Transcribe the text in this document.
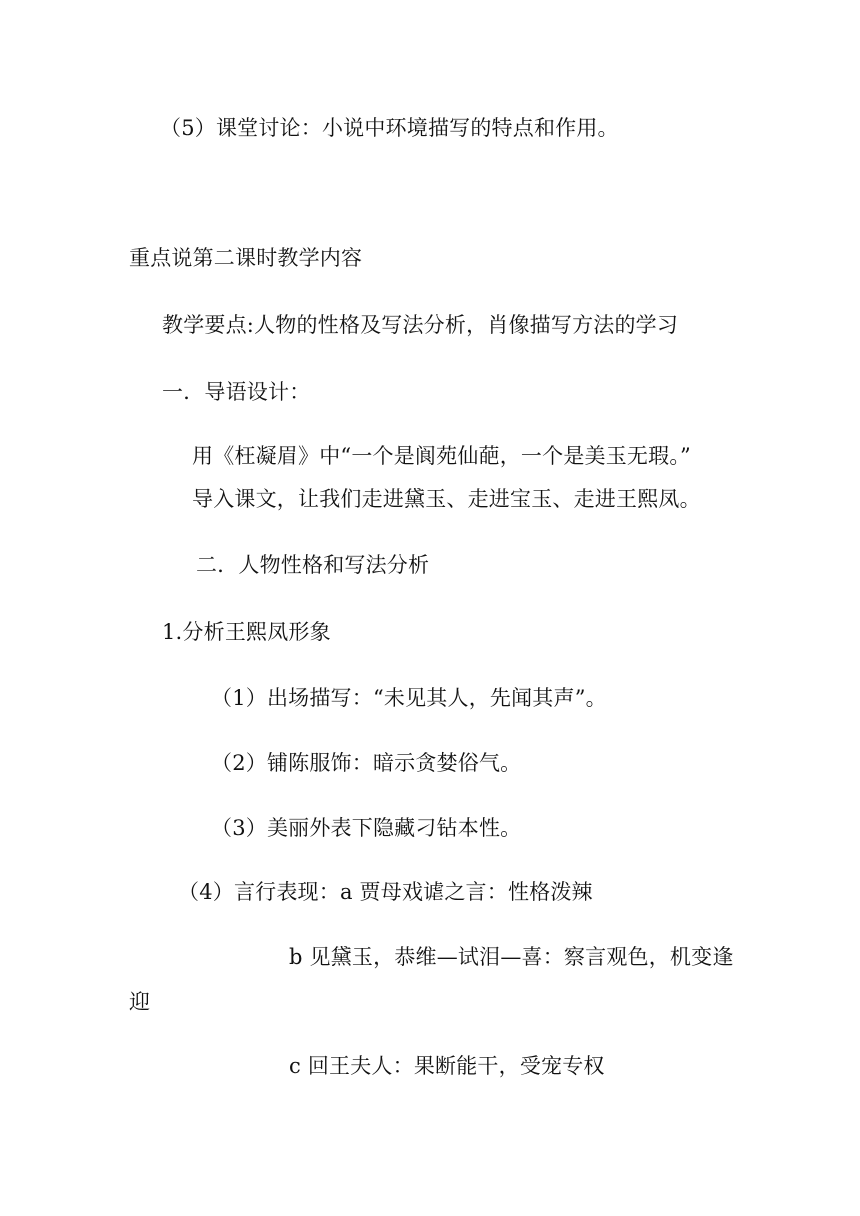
（5）课堂讨论：小说中环境描写的特点和作用。
重点说第二课时教学内容
教学要点:人物的性格及写法分析，肖像描写方法的学习
一．导语设计：
用《枉凝眉》中“一个是阆苑仙葩，一个是美玉无瑕。”
导入课文，让我们走进黛玉、走进宝玉、走进王熙凤。
二．人物性格和写法分析
1.分析王熙凤形象
（1）出场描写：“未见其人，先闻其声”。
（2）铺陈服饰：暗示贪婪俗气。
（3）美丽外表下隐藏刁钻本性。
（4）言行表现：a 贾母戏谑之言：性格泼辣
b 见黛玉，恭维—试泪—喜：察言观色，机变逢
迎
c 回王夫人：果断能干，受宠专权
